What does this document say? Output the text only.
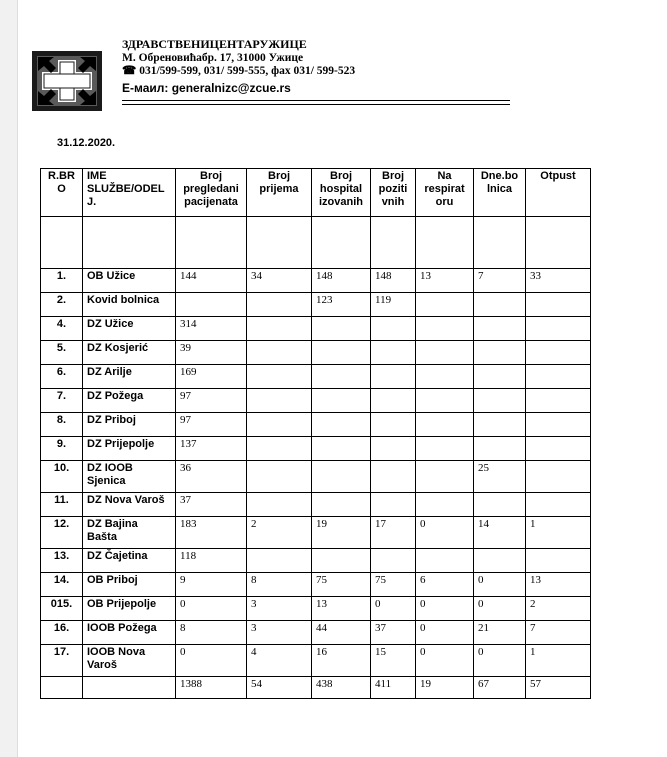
ЗДРАВСТВЕНИЦЕНТАРУЖИЦЕ
М. Обреновићабр. 17, 31000 Ужице
☎ 031/599-599, 031/ 599-555, фах 031/ 599-523
Е-маил: generalnizc@zcue.rs
31.12.2020.
R.BR
O	IME
SLUŽBE/ODEL
J.	Broj
pregledani
pacijenata	Broj
prijema	Broj
hospital
izovanih	Broj
poziti
vnih	Na
respirat
oru	Dne.bo
lnica	Otpust

1.	OB Užice	144	34	148	148	13	7	33
2.	Kovid bolnica			123	119			
4.	DZ Užice	314						
5.	DZ Kosjerić	39						
6.	DZ Arilje	169						
7.	DZ Požega	97						
8.	DZ Priboj	97						
9.	DZ Prijepolje	137						
10.	DZ IOOB
Sjenica	36					25	
11.	DZ Nova Varoš	37						
12.	DZ Bajina
Bašta	183	2	19	17	0	14	1
13.	DZ Čajetina	118						
14.	OB Priboj	9	8	75	75	6	0	13
015.	OB Prijepolje	0	3	13	0	0	0	2
16.	IOOB Požega	8	3	44	37	0	21	7
17.	IOOB Nova
Varoš	0	4	16	15	0	0	1
		1388	54	438	411	19	67	57
